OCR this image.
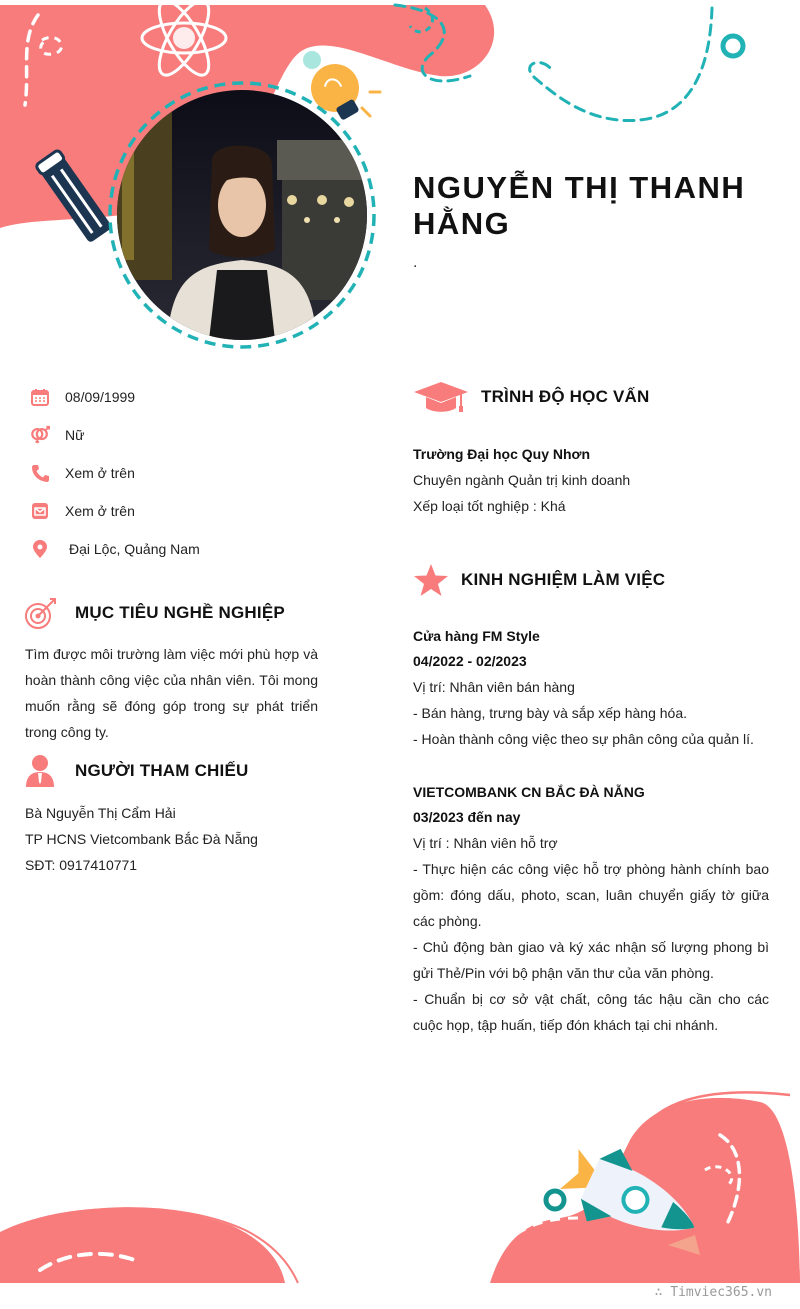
NGUYỄN THỊ THANH HẰNG
.
08/09/1999
Nữ
Xem ở trên
Xem ở trên
Đại Lộc, Quảng Nam
MỤC TIÊU NGHỀ NGHIỆP

Tìm được môi trường làm việc mới phù hợp và hoàn thành công việc của nhân viên. Tôi mong muốn rằng sẽ đóng góp trong sự phát triển trong công ty.

NGƯỜI THAM CHIẾU

Bà Nguyễn Thị Cẩm Hải

TP HCNS Vietcombank Bắc Đà Nẵng

SĐT: 0917410771

TRÌNH ĐỘ HỌC VẤN

Trường Đại học Quy Nhơn

Chuyên ngành Quản trị kinh doanh

Xếp loại tốt nghiệp : Khá

KINH NGHIỆM LÀM VIỆC

Cửa hàng FM Style

04/2022 - 02/2023

Vị trí: Nhân viên bán hàng

- Bán hàng, trưng bày và sắp xếp hàng hóa.

- Hoàn thành công việc theo sự phân công của quản lí.

VIETCOMBANK CN BẮC ĐÀ NẴNG

03/2023 đến nay

Vị trí : Nhân viên hỗ trợ

- Thực hiện các công việc hỗ trợ phòng hành chính bao gồm: đóng dấu, photo, scan, luân chuyển giấy tờ giữa các phòng.

- Chủ động bàn giao và ký xác nhận số lượng phong bì gửi Thẻ/Pin với bộ phận văn thư của văn phòng.

- Chuẩn bị cơ sở vật chất, công tác hậu cần cho các cuộc họp, tập huấn, tiếp đón khách tại chi nhánh.

∴ Timviec365.vn
